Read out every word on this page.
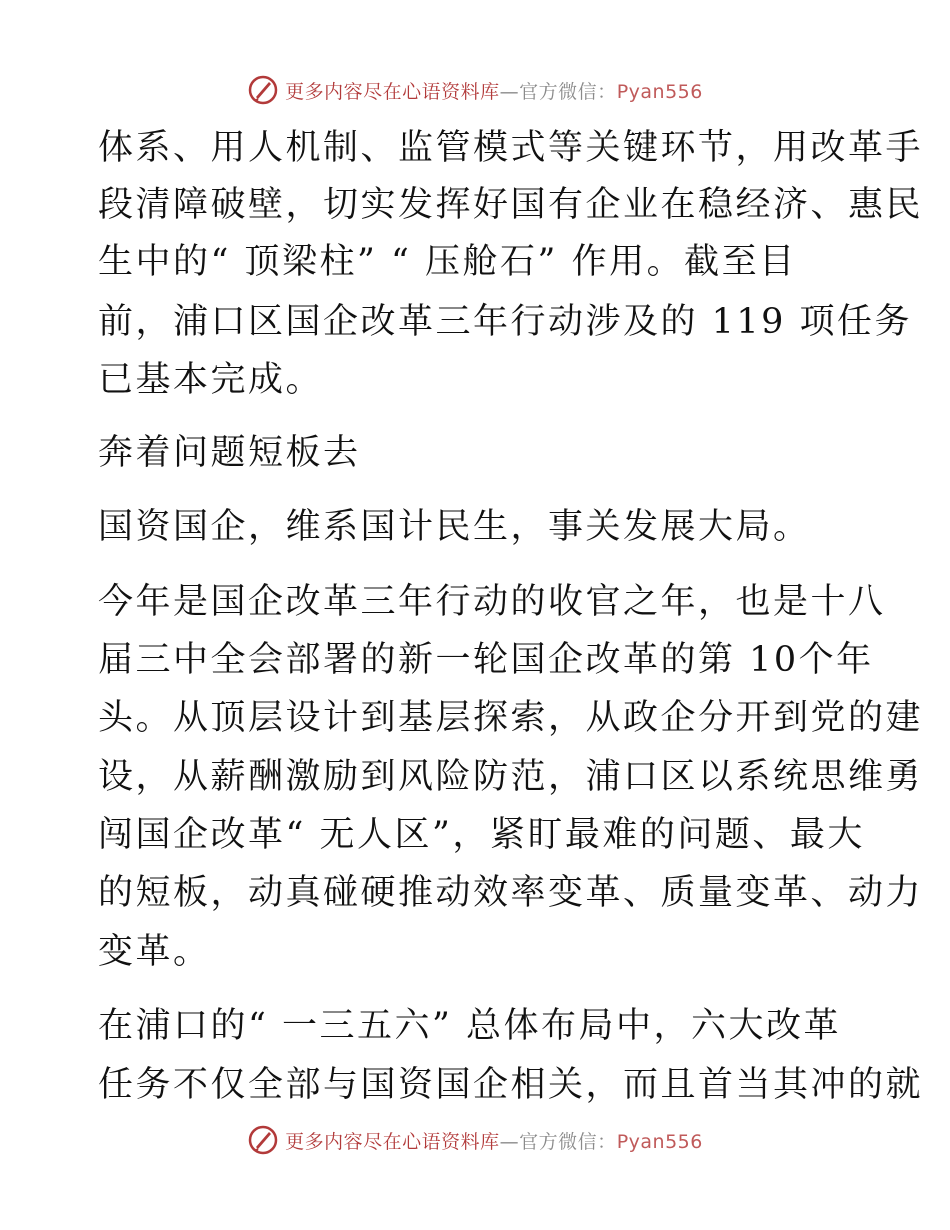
更多内容尽在心语资料库—官方微信：Pyan556
体系、用人机制、监管模式等关键环节，用改革手
段清障破壁，切实发挥好国有企业在稳经济、惠民
生中的“ 顶梁柱” “ 压舱石” 作用。截至目
前，浦口区国企改革三年行动涉及的 119 项任务
已基本完成。
奔着问题短板去
国资国企，维系国计民生，事关发展大局。
今年是国企改革三年行动的收官之年，也是十八
届三中全会部署的新一轮国企改革的第 10个年
头。从顶层设计到基层探索，从政企分开到党的建
设，从薪酬激励到风险防范，浦口区以系统思维勇
闯国企改革“ 无人区”，紧盯最难的问题、最大
的短板，动真碰硬推动效率变革、质量变革、动力
变革。
在浦口的“ 一三五六” 总体布局中，六大改革
任务不仅全部与国资国企相关，而且首当其冲的就
更多内容尽在心语资料库—官方微信：Pyan556
